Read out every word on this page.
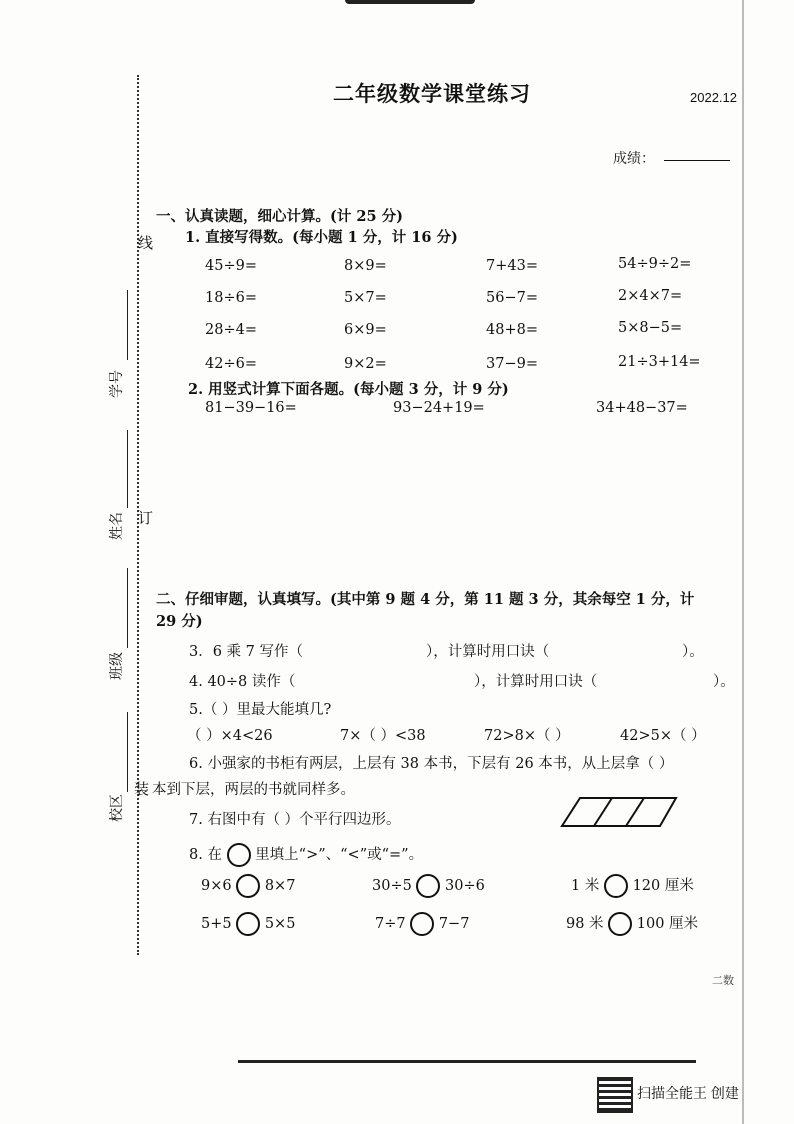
二年级数学课堂练习	2022.12
成绩：
线
订
装
学号
姓名
班级
校区
一、认真读题，细心计算。(计 25 分)
1. 直接写得数。(每小题 1 分，计 16 分)
45÷9=	8×9=	7+43=	54÷9÷2=
18÷6=	5×7=	56−7=	2×4×7=
28÷4=	6×9=	48+8=	5×8−5=
42÷6=	9×2=	37−9=	21÷3+14=
2. 用竖式计算下面各题。(每小题 3 分，计 9 分)
81−39−16=	93−24+19=	34+48−37=
二、仔细审题，认真填写。(其中第 9 题 4 分，第 11 题 3 分，其余每空 1 分，计
29 分)
3．6 乘 7 写作（	），计算时用口诀（	）。
4. 40÷8 读作（	），计算时用口诀（	）。
5.（ ）里最大能填几?
（ ）×4<26	7×（ ）<38	72>8×（ ）	42>5×（ ）
6. 小强家的书柜有两层，上层有 38 本书，下层有 26 本书，从上层拿（ ）
本到下层，两层的书就同样多。
7. 右图中有（ ）个平行四边形。
8. 在 里填上“>”、“<”或“=”。
9×6 8×7	30÷5 30÷6	1 米 120 厘米
5+5 5×5	7÷7 7−7	98 米 100 厘米
二数
扫描全能王 创建
